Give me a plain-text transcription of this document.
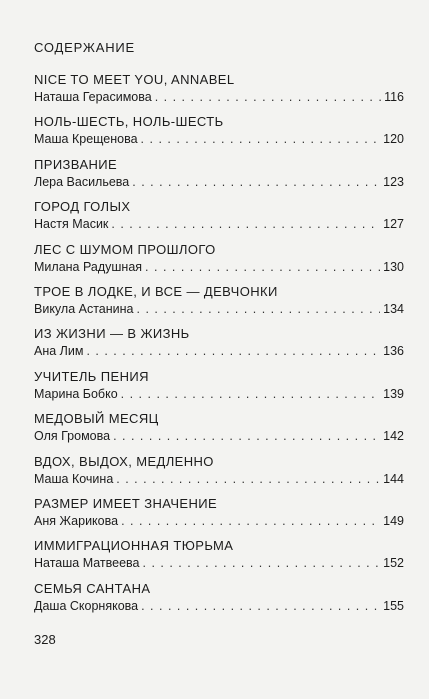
СОДЕРЖАНИЕ
NICE TO MEET YOU, ANNABEL
Наташа Герасимова . . .	116
НОЛЬ-ШЕСТЬ, НОЛЬ-ШЕСТЬ
Маша Крещенова . . .	120
ПРИЗВАНИЕ
Лера Васильева . . .	123
ГОРОД ГОЛЫХ
Настя Масик . . .	127
ЛЕС С ШУМОМ ПРОШЛОГО
Милана Радушная . . .	130
ТРОЕ В ЛОДКЕ, И ВСЕ — ДЕВЧОНКИ
Викула Астанина . . .	134
ИЗ ЖИЗНИ — В ЖИЗНЬ
Ана Лим . . .	136
УЧИТЕЛЬ ПЕНИЯ
Марина Бобко . . .	139
МЕДОВЫЙ МЕСЯЦ
Оля Громова . . .	142
ВДОХ, ВЫДОХ, МЕДЛЕННО
Маша Кочина . . .	144
РАЗМЕР ИМЕЕТ ЗНАЧЕНИЕ
Аня Жарикова . . .	149
ИММИГРАЦИОННАЯ ТЮРЬМА
Наташа Матвеева . . .	152
СЕМЬЯ САНТАНА
Даша Скорнякова . . .	155
328
